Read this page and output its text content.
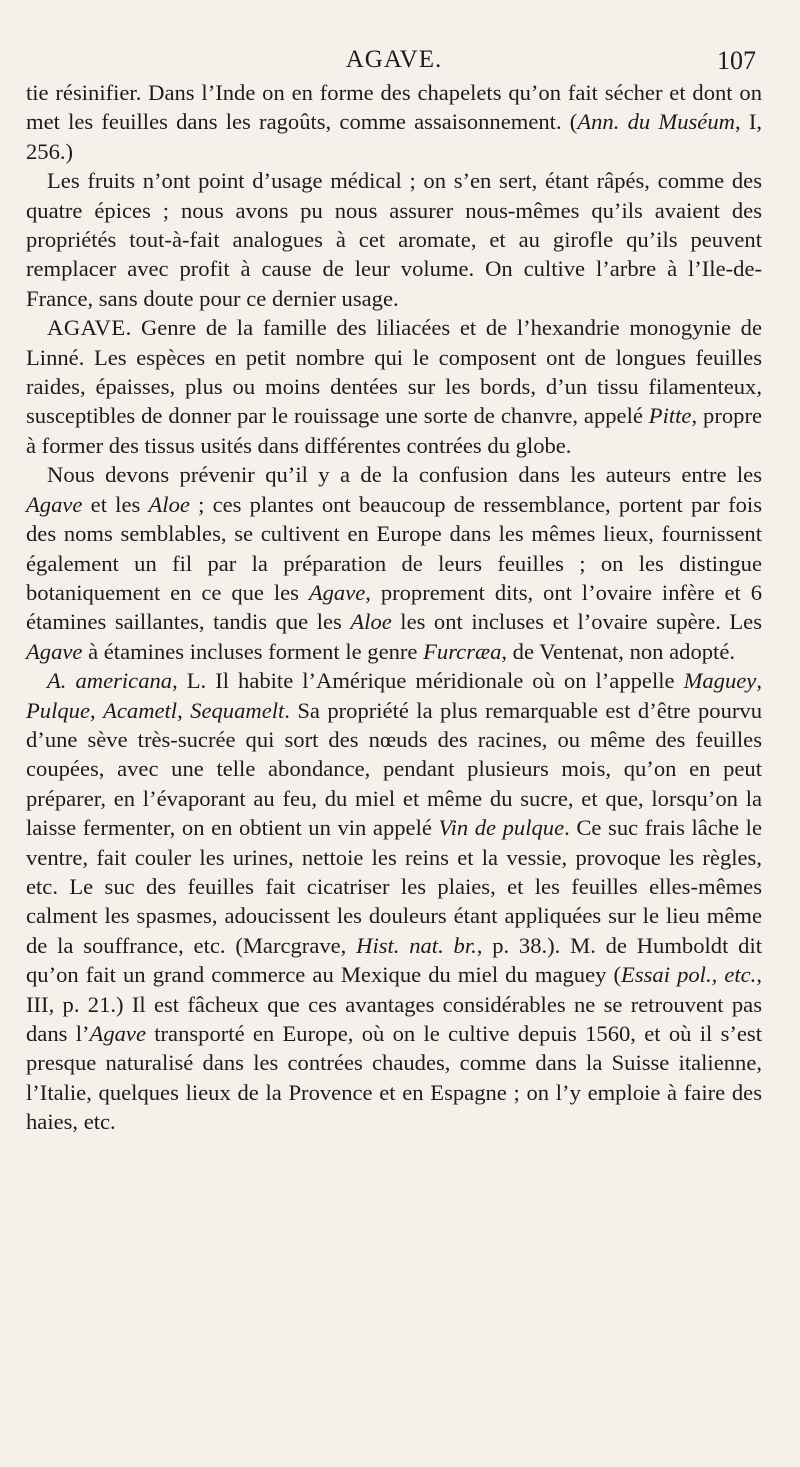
AGAVE.	107

tie résinifier. Dans l’Inde on en forme des chapelets qu’on fait sécher et dont on met les feuilles dans les ragoûts, comme assaisonnement. (Ann. du Muséum, I, 256.)

Les fruits n’ont point d’usage médical ; on s’en sert, étant râpés, comme des quatre épices ; nous avons pu nous assurer nous-mêmes qu’ils avaient des propriétés tout-à-fait analogues à cet aromate, et au girofle qu’ils peuvent remplacer avec profit à cause de leur volume. On cultive l’arbre à l’Ile-de-France, sans doute pour ce dernier usage.

AGAVE. Genre de la famille des liliacées et de l’hexandrie monogynie de Linné. Les espèces en petit nombre qui le composent ont de longues feuilles raides, épaisses, plus ou moins dentées sur les bords, d’un tissu filamenteux, susceptibles de donner par le rouissage une sorte de chanvre, appelé Pitte, propre à former des tissus usités dans différentes contrées du globe.

Nous devons prévenir qu’il y a de la confusion dans les auteurs entre les Agave et les Aloe ; ces plantes ont beaucoup de ressemblance, portent par fois des noms semblables, se cultivent en Europe dans les mêmes lieux, fournissent également un fil par la préparation de leurs feuilles ; on les distingue botaniquement en ce que les Agave, proprement dits, ont l’ovaire infère et 6 étamines saillantes, tandis que les Aloe les ont incluses et l’ovaire supère. Les Agave à étamines incluses forment le genre Furcræa, de Ventenat, non adopté.

A. americana, L. Il habite l’Amérique méridionale où on l’appelle Maguey, Pulque, Acametl, Sequamelt. Sa propriété la plus remarquable est d’être pourvu d’une sève très-sucrée qui sort des nœuds des racines, ou même des feuilles coupées, avec une telle abondance, pendant plusieurs mois, qu’on en peut préparer, en l’évaporant au feu, du miel et même du sucre, et que, lorsqu’on la laisse fermenter, on en obtient un vin appelé Vin de pulque. Ce suc frais lâche le ventre, fait couler les urines, nettoie les reins et la vessie, provoque les règles, etc. Le suc des feuilles fait cicatriser les plaies, et les feuilles elles-mêmes calment les spasmes, adoucissent les douleurs étant appliquées sur le lieu même de la souffrance, etc. (Marcgrave, Hist. nat. br., p. 38.). M. de Humboldt dit qu’on fait un grand commerce au Mexique du miel du maguey (Essai pol., etc., III, p. 21.) Il est fâcheux que ces avantages considérables ne se retrouvent pas dans l’Agave transporté en Europe, où on le cultive depuis 1560, et où il s’est presque naturalisé dans les contrées chaudes, comme dans la Suisse italienne, l’Italie, quelques lieux de la Provence et en Espagne ; on l’y emploie à faire des haies, etc.
